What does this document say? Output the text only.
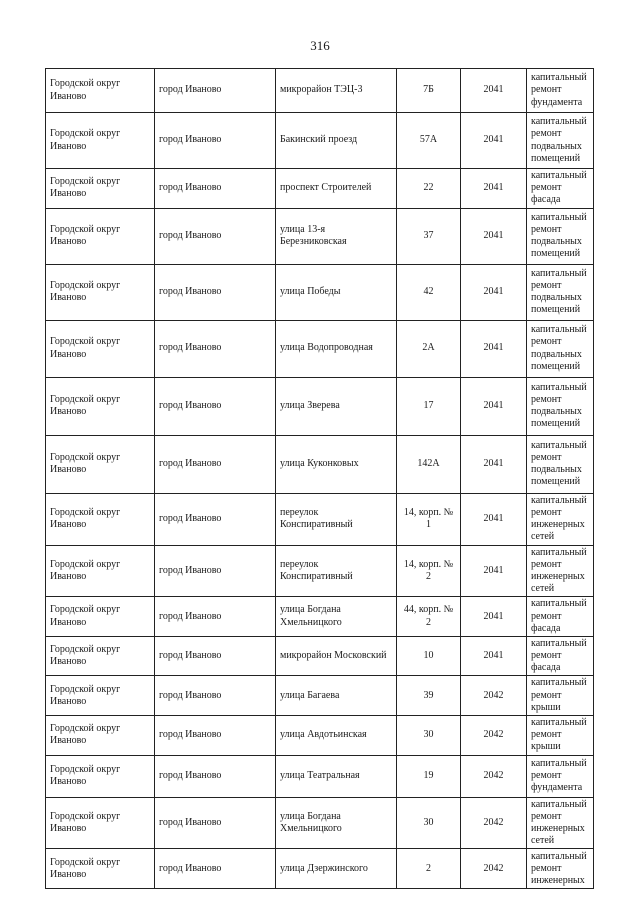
316
Городской округ Иваново	город Иваново	микрорайон ТЭЦ-3	7Б	2041	капитальный ремонт фундамента
Городской округ Иваново	город Иваново	Бакинский проезд	57А	2041	капитальный ремонт подвальных помещений
Городской округ Иваново	город Иваново	проспект Строителей	22	2041	капитальный ремонт фасада
Городской округ Иваново	город Иваново	улица 13-я Березниковская	37	2041	капитальный ремонт подвальных помещений
Городской округ Иваново	город Иваново	улица Победы	42	2041	капитальный ремонт подвальных помещений
Городской округ Иваново	город Иваново	улица Водопроводная	2А	2041	капитальный ремонт подвальных помещений
Городской округ Иваново	город Иваново	улица Зверева	17	2041	капитальный ремонт подвальных помещений
Городской округ Иваново	город Иваново	улица Куконковых	142А	2041	капитальный ремонт подвальных помещений
Городской округ Иваново	город Иваново	переулок Конспиративный	14, корп. № 1	2041	капитальный ремонт инженерных сетей
Городской округ Иваново	город Иваново	переулок Конспиративный	14, корп. № 2	2041	капитальный ремонт инженерных сетей
Городской округ Иваново	город Иваново	улица Богдана Хмельницкого	44, корп. № 2	2041	капитальный ремонт фасада
Городской округ Иваново	город Иваново	микрорайон Московский	10	2041	капитальный ремонт фасада
Городской округ Иваново	город Иваново	улица Багаева	39	2042	капитальный ремонт крыши
Городской округ Иваново	город Иваново	улица Авдотьинская	30	2042	капитальный ремонт крыши
Городской округ Иваново	город Иваново	улица Театральная	19	2042	капитальный ремонт фундамента
Городской округ Иваново	город Иваново	улица Богдана Хмельницкого	30	2042	капитальный ремонт инженерных сетей
Городской округ Иваново	город Иваново	улица Дзержинского	2	2042	капитальный ремонт инженерных
